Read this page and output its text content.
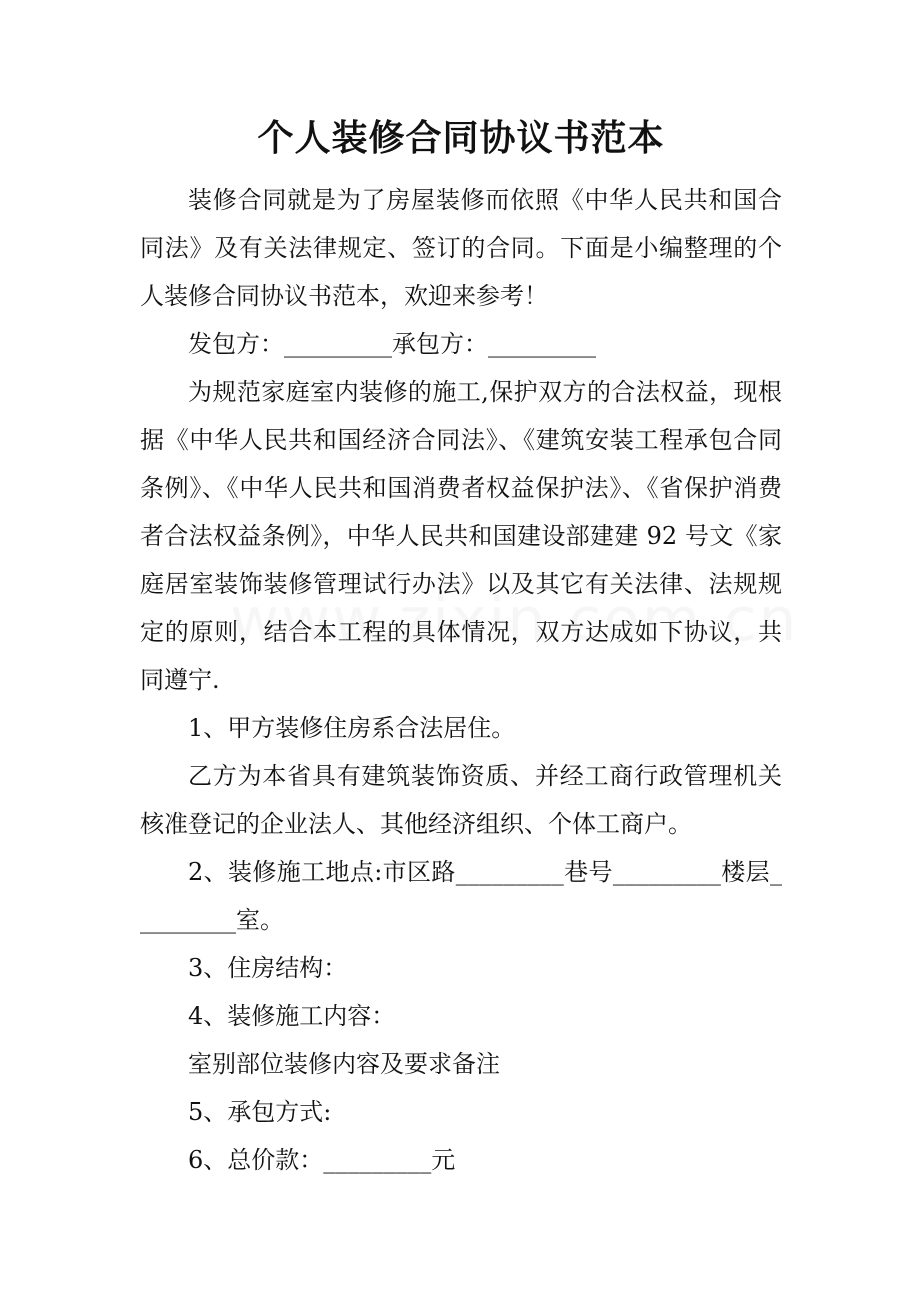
个人装修合同协议书范本

装修合同就是为了房屋装修而依照《中华人民共和国合同法》及有关法律规定、签订的合同。下面是小编整理的个人装修合同协议书范本，欢迎来参考！

发包方：_________承包方：_________

为规范家庭室内装修的施工,保护双方的合法权益，现根据《中华人民共和国经济合同法》、《建筑安装工程承包合同条例》、《中华人民共和国消费者权益保护法》、《省保护消费者合法权益条例》，中华人民共和国建设部建建 92 号文《家庭居室装饰装修管理试行办法》以及其它有关法律、法规规定的原则，结合本工程的具体情况，双方达成如下协议，共同遵宁.

1、甲方装修住房系合法居住。

乙方为本省具有建筑装饰资质、并经工商行政管理机关核准登记的企业法人、其他经济组织、个体工商户。

2、装修施工地点:市区路_________巷号_________楼层_________室。

3、住房结构：

4、装修施工内容：

室别部位装修内容及要求备注

5、承包方式:

6、总价款：_________元
